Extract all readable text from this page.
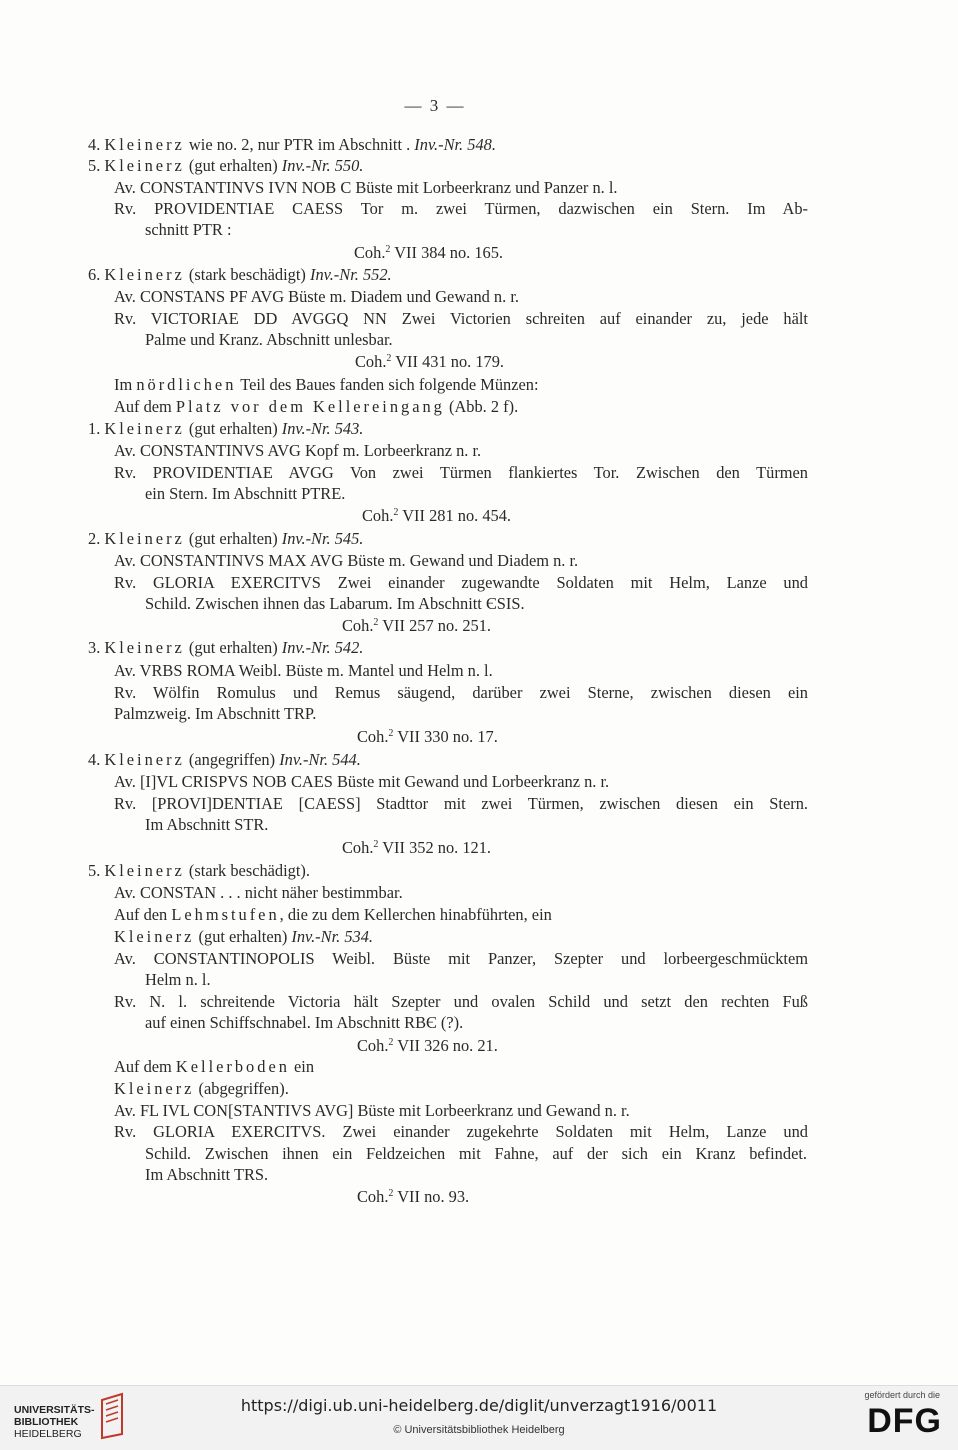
— 3 —
4. Kleinerz wie no. 2, nur PTR im Abschnitt . Inv.-Nr. 548.
5. Kleinerz (gut erhalten) Inv.-Nr. 550.
Av. CONSTANTINVS IVN NOB C Büste mit Lorbeerkranz und Panzer n. l.
Rv. PROVIDENTIAE CAESS Tor m. zwei Türmen, dazwischen ein Stern. Im Ab-
schnitt PTR :
Coh.$^2$ VII 384 no. 165.
6. Kleinerz (stark beschädigt) Inv.-Nr. 552.
Av. CONSTANS PF AVG Büste m. Diadem und Gewand n. r.
Rv. VICTORIAE DD AVGGQ NN Zwei Victorien schreiten auf einander zu, jede hält
Palme und Kranz. Abschnitt unlesbar.
Coh.$^2$ VII 431 no. 179.
Im nördlichen Teil des Baues fanden sich folgende Münzen:
Auf dem Platz vor dem Kellereingang (Abb. 2 f).
1. Kleinerz (gut erhalten) Inv.-Nr. 543.
Av. CONSTANTINVS AVG Kopf m. Lorbeerkranz n. r.
Rv. PROVIDENTIAE AVGG Von zwei Türmen flankiertes Tor. Zwischen den Türmen
ein Stern. Im Abschnitt PTRE.
Coh.$^2$ VII 281 no. 454.
2. Kleinerz (gut erhalten) Inv.-Nr. 545.
Av. CONSTANTINVS MAX AVG Büste m. Gewand und Diadem n. r.
Rv. GLORIA EXERCITVS Zwei einander zugewandte Soldaten mit Helm, Lanze und
Schild. Zwischen ihnen das Labarum. Im Abschnitt ЄSIS.
Coh.$^2$ VII 257 no. 251.
3. Kleinerz (gut erhalten) Inv.-Nr. 542.
Av. VRBS ROMA Weibl. Büste m. Mantel und Helm n. l.
Rv. Wölfin Romulus und Remus säugend, darüber zwei Sterne, zwischen diesen ein
Palmzweig. Im Abschnitt TRP.
Coh.$^2$ VII 330 no. 17.
4. Kleinerz (angegriffen) Inv.-Nr. 544.
Av. [I]VL CRISPVS NOB CAES Büste mit Gewand und Lorbeerkranz n. r.
Rv. [PROVI]DENTIAE [CAESS] Stadttor mit zwei Türmen, zwischen diesen ein Stern.
Im Abschnitt STR.
Coh.$^2$ VII 352 no. 121.
5. Kleinerz (stark beschädigt).
Av. CONSTAN . . . nicht näher bestimmbar.
Auf den Lehmstufen, die zu dem Kellerchen hinabführten, ein
Kleinerz (gut erhalten) Inv.-Nr. 534.
Av. CONSTANTINOPOLIS Weibl. Büste mit Panzer, Szepter und lorbeergeschmücktem
Helm n. l.
Rv. N. l. schreitende Victoria hält Szepter und ovalen Schild und setzt den rechten Fuß
auf einen Schiffschnabel. Im Abschnitt RBЄ (?).
Coh.$^2$ VII 326 no. 21.
Auf dem Kellerboden ein
Kleinerz (abgegriffen).
Av. FL IVL CON[STANTIVS AVG] Büste mit Lorbeerkranz und Gewand n. r.
Rv. GLORIA EXERCITVS. Zwei einander zugekehrte Soldaten mit Helm, Lanze und
Schild. Zwischen ihnen ein Feldzeichen mit Fahne, auf der sich ein Kranz befindet.
Im Abschnitt TRS.
Coh.$^2$ VII no. 93.
UNIVERSITÄTS-
BIBLIOTHEK
HEIDELBERG
https://digi.ub.uni-heidelberg.de/diglit/unverzagt1916/0011
© Universitätsbibliothek Heidelberg
gefördert durch die
DFG
